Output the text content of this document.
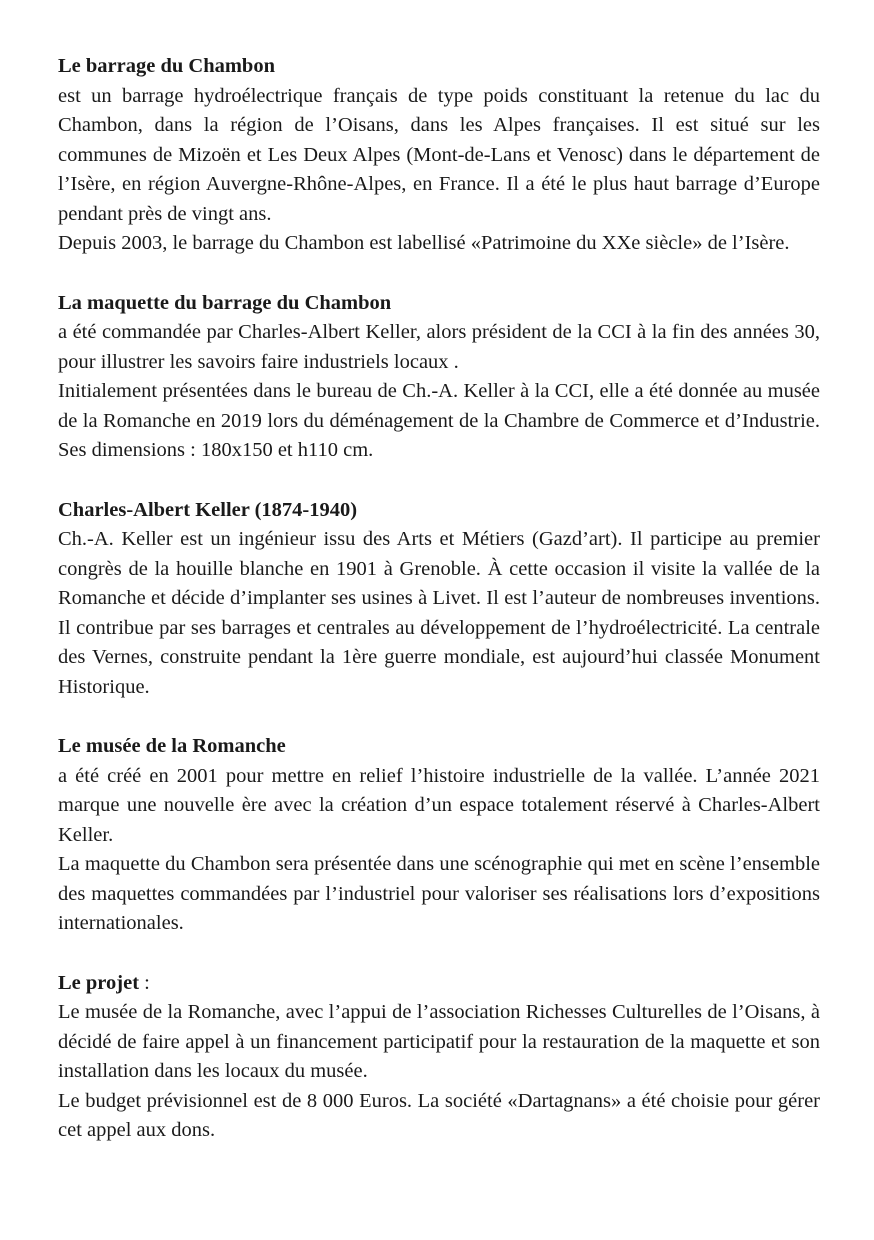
Le barrage du Chambon

est un barrage hydroélectrique français de type poids constituant la retenue du lac du Chambon, dans la région de l’Oisans, dans les Alpes françaises. Il est situé sur les communes de Mizoën et Les Deux Alpes (Mont-de-Lans et Venosc) dans le département de l’Isère, en région Auvergne-Rhône-Alpes, en France. Il a été le plus haut barrage d’Europe pendant près de vingt ans.

Depuis 2003, le barrage du Chambon est labellisé «Patrimoine du XXe siècle» de l’Isère.

La maquette du barrage du Chambon

a été commandée par Charles-Albert Keller, alors président de la CCI à la fin des années 30, pour illustrer les savoirs faire industriels locaux .

Initialement présentées dans le bureau de Ch.-A. Keller à la CCI, elle a été donnée au musée de la Romanche en 2019 lors du déménagement de la Chambre de Commerce et d’Industrie. Ses dimensions : 180x150 et h110 cm.

Charles-Albert Keller (1874-1940)

Ch.-A. Keller est un ingénieur issu des Arts et Métiers (Gazd’art). Il participe au premier congrès de la houille blanche en 1901 à Grenoble. À cette occasion il visite la vallée de la Romanche et décide d’implanter ses usines à Livet. Il est l’auteur de nombreuses inventions. Il contribue par ses barrages et centrales au développement de l’hydroélectricité. La centrale des Vernes, construite pendant la 1ère guerre mondiale, est aujourd’hui classée Monument Historique.

Le musée de la Romanche

a été créé en 2001 pour mettre en relief l’histoire industrielle de la vallée. L’année 2021 marque une nouvelle ère avec la création d’un espace totalement réservé à Charles-Albert Keller.

La maquette du Chambon sera présentée dans une scénographie qui met en scène l’ensemble des maquettes commandées par l’industriel pour valoriser ses réalisations lors d’expositions internationales.

Le projet :

Le musée de la Romanche, avec l’appui de l’association Richesses Culturelles de l’Oisans, à décidé de faire appel à un financement participatif pour la restauration de la maquette et son installation dans les locaux du musée.

Le budget prévisionnel est de 8 000 Euros. La société «Dartagnans» a été choisie pour gérer cet appel aux dons.
